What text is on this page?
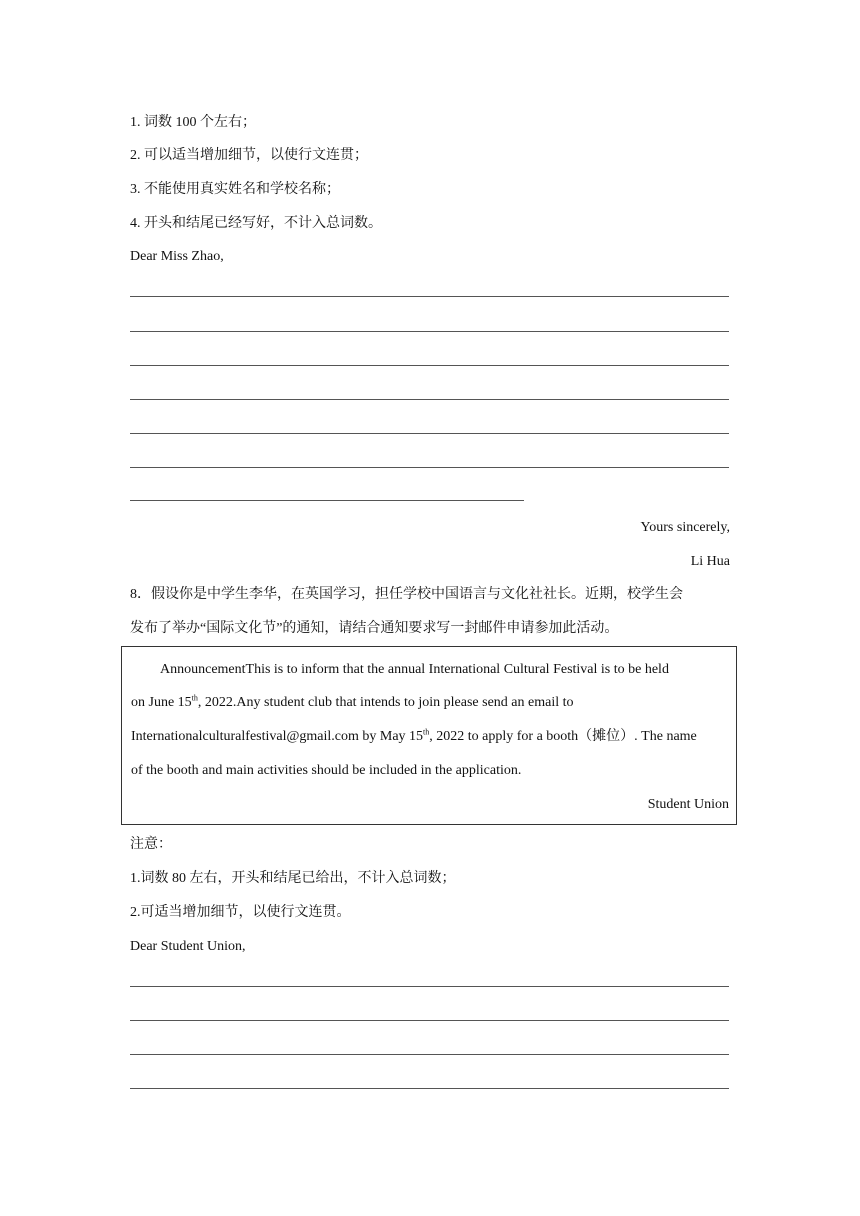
1. 词数 100 个左右；
2. 可以适当增加细节，以使行文连贯；
3. 不能使用真实姓名和学校名称；
4. 开头和结尾已经写好，不计入总词数。
Dear Miss Zhao,
Yours sincerely,
Li Hua
8．假设你是中学生李华，在英国学习，担任学校中国语言与文化社社长。近期，校学生会
发布了举办“国际文化节”的通知，请结合通知要求写一封邮件申请参加此活动。
AnnouncementThis is to inform that the annual International Cultural Festival is to be held
on June 15th, 2022.Any student club that intends to join please send an email to
Internationalculturalfestival@gmail.com by May 15th, 2022 to apply for a booth（摊位）. The name
of the booth and main activities should be included in the application.
Student Union
注意：
1.词数 80 左右，开头和结尾已给出，不计入总词数；
2.可适当增加细节，以使行文连贯。
Dear Student Union,
